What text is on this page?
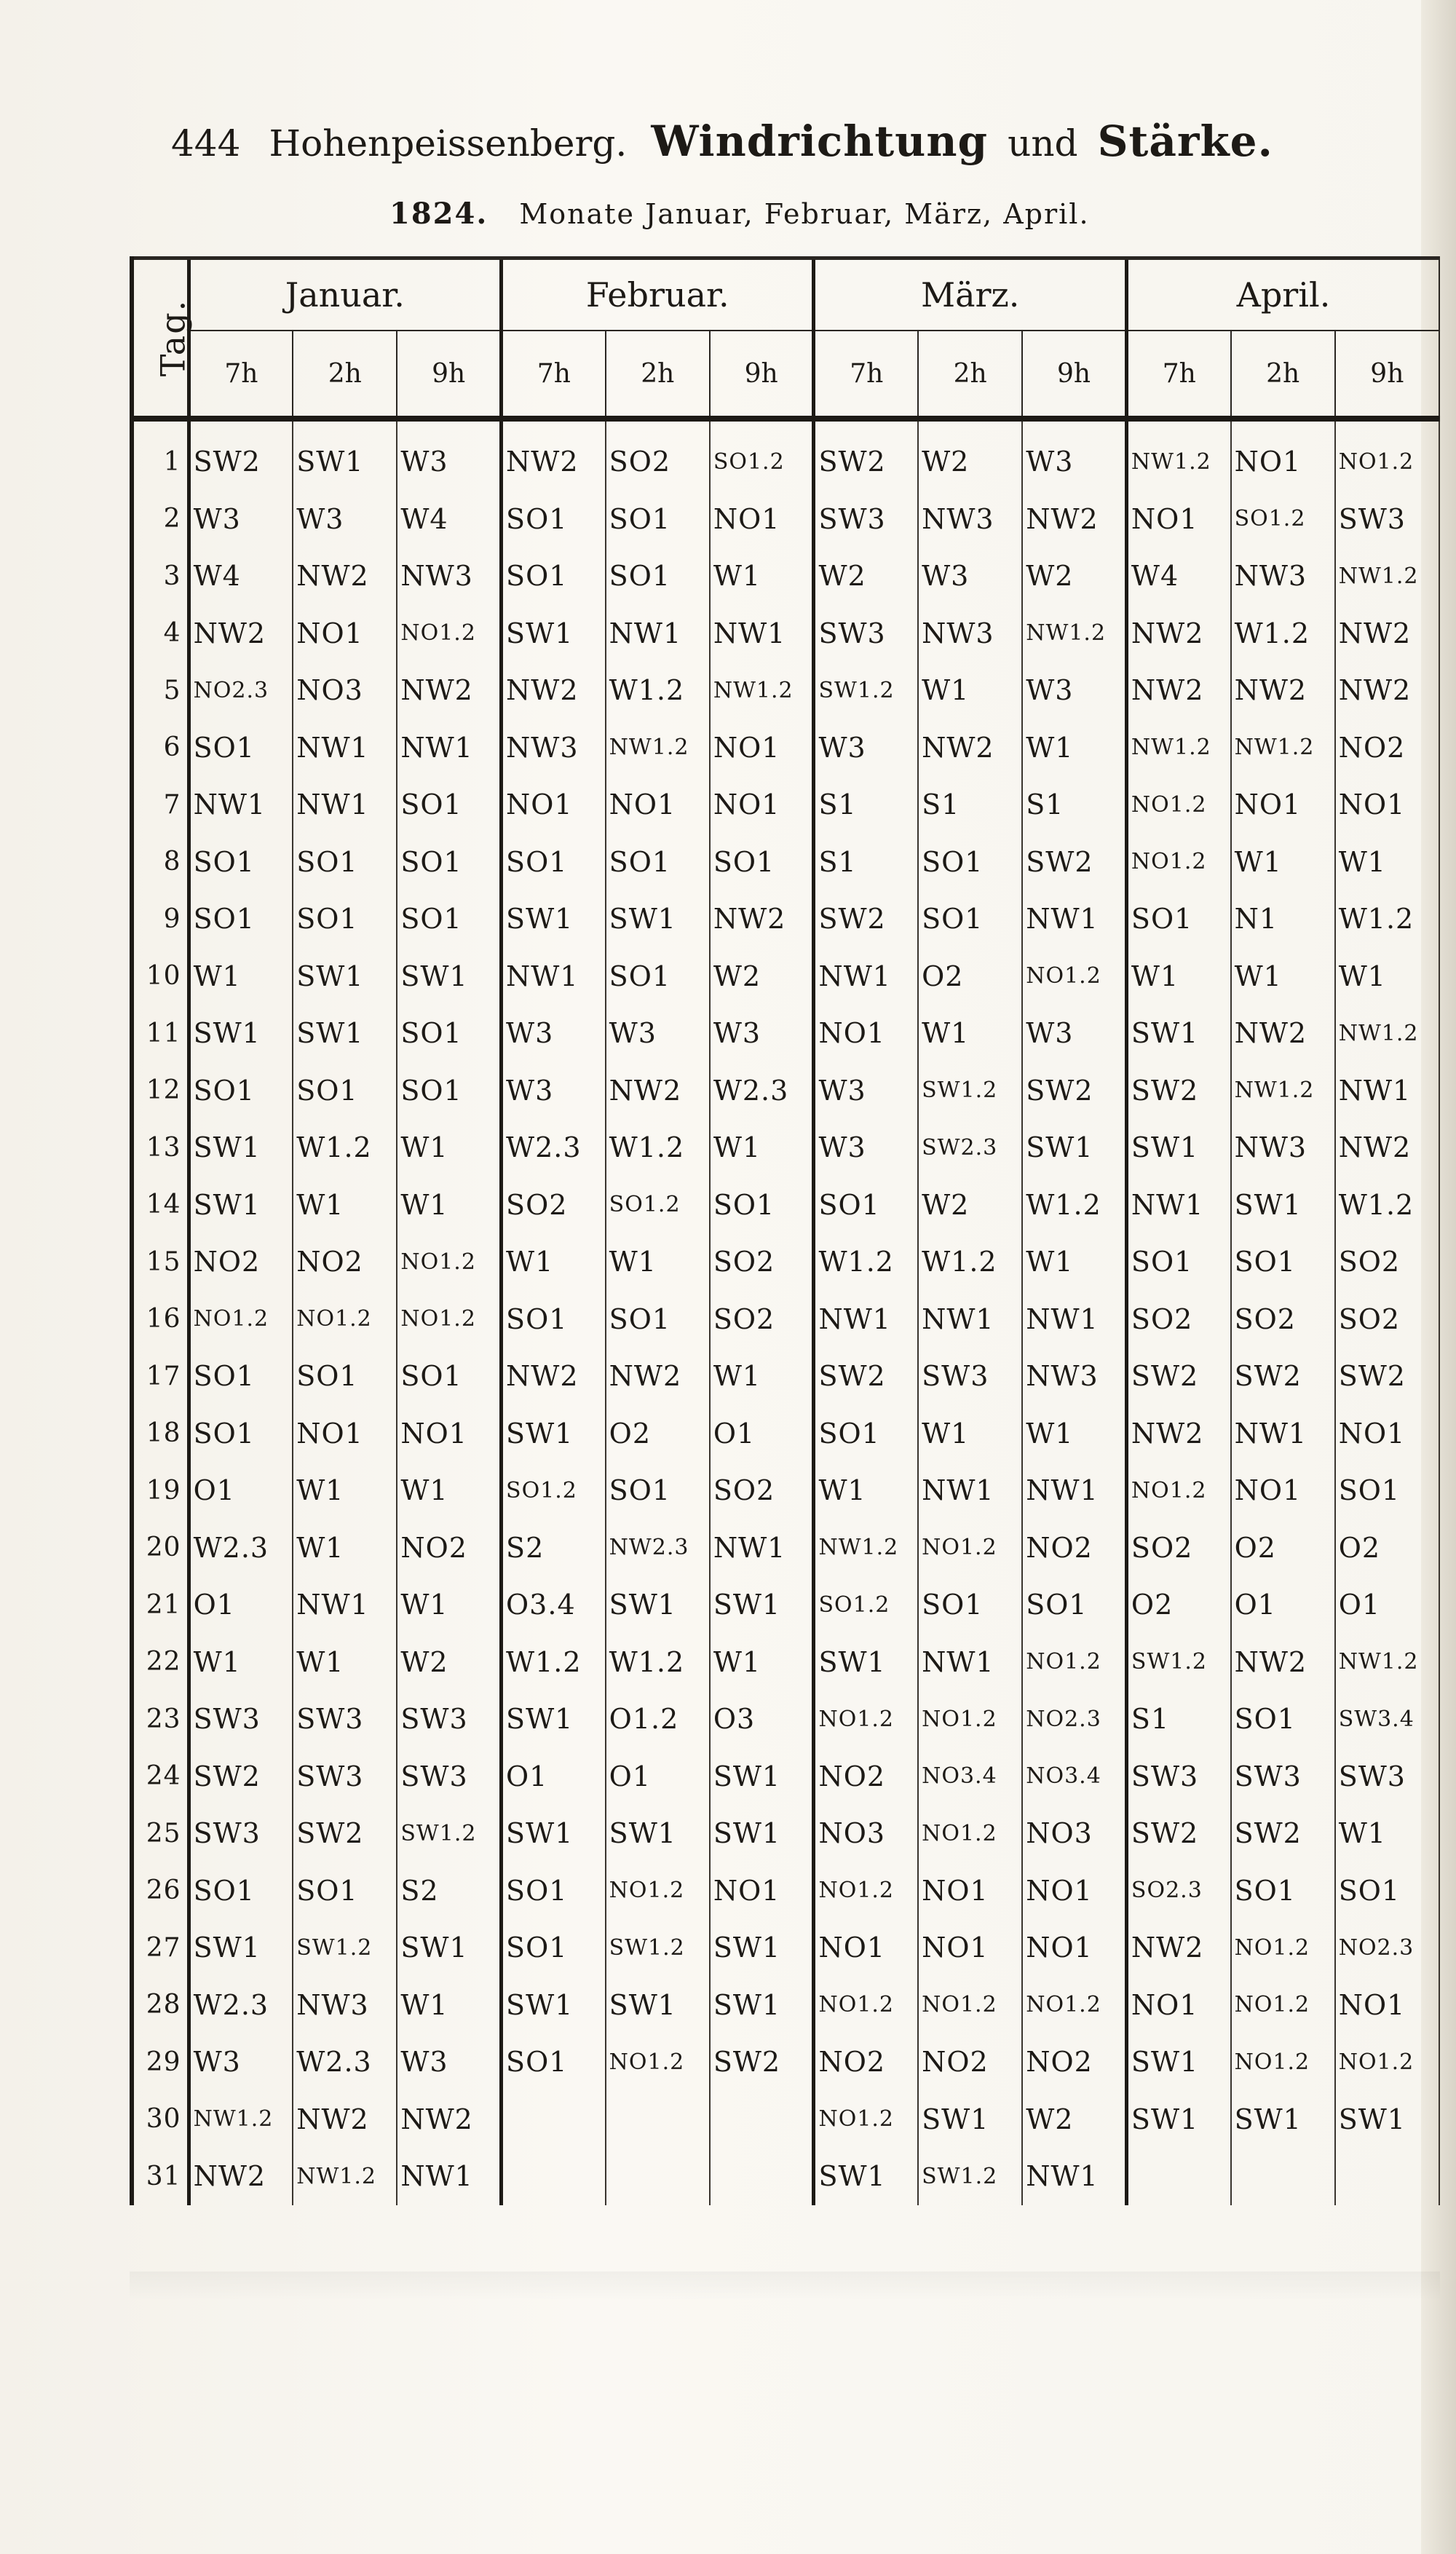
444 Hohenpeissenberg. Windrichtung und Stärke.
1824. Monate Januar, Februar, März, April.
Tag.	Januar.			Februar.			März.			April.		
	7h	2h	9h	7h	2h	9h	7h	2h	9h	7h	2h	9h
1	SW2	SW1	W3	NW2	SO2	SO1.2	SW2	W2	W3	NW1.2	NO1	NO1.2
2	W3	W3	W4	SO1	SO1	NO1	SW3	NW3	NW2	NO1	SO1.2	SW3
3	W4	NW2	NW3	SO1	SO1	W1	W2	W3	W2	W4	NW3	NW1.2
4	NW2	NO1	NO1.2	SW1	NW1	NW1	SW3	NW3	NW1.2	NW2	W1.2	NW2
5	NO2.3	NO3	NW2	NW2	W1.2	NW1.2	SW1.2	W1	W3	NW2	NW2	NW2
6	SO1	NW1	NW1	NW3	NW1.2	NO1	W3	NW2	W1	NW1.2	NW1.2	NO2
7	NW1	NW1	SO1	NO1	NO1	NO1	S1	S1	S1	NO1.2	NO1	NO1
8	SO1	SO1	SO1	SO1	SO1	SO1	S1	SO1	SW2	NO1.2	W1	W1
9	SO1	SO1	SO1	SW1	SW1	NW2	SW2	SO1	NW1	SO1	N1	W1.2
10	W1	SW1	SW1	NW1	SO1	W2	NW1	O2	NO1.2	W1	W1	W1
11	SW1	SW1	SO1	W3	W3	W3	NO1	W1	W3	SW1	NW2	NW1.2
12	SO1	SO1	SO1	W3	NW2	W2.3	W3	SW1.2	SW2	SW2	NW1.2	NW1
13	SW1	W1.2	W1	W2.3	W1.2	W1	W3	SW2.3	SW1	SW1	NW3	NW2
14	SW1	W1	W1	SO2	SO1.2	SO1	SO1	W2	W1.2	NW1	SW1	W1.2
15	NO2	NO2	NO1.2	W1	W1	SO2	W1.2	W1.2	W1	SO1	SO1	SO2
16	NO1.2	NO1.2	NO1.2	SO1	SO1	SO2	NW1	NW1	NW1	SO2	SO2	SO2
17	SO1	SO1	SO1	NW2	NW2	W1	SW2	SW3	NW3	SW2	SW2	SW2
18	SO1	NO1	NO1	SW1	O2	O1	SO1	W1	W1	NW2	NW1	NO1
19	O1	W1	W1	SO1.2	SO1	SO2	W1	NW1	NW1	NO1.2	NO1	SO1
20	W2.3	W1	NO2	S2	NW2.3	NW1	NW1.2	NO1.2	NO2	SO2	O2	O2
21	O1	NW1	W1	O3.4	SW1	SW1	SO1.2	SO1	SO1	O2	O1	O1
22	W1	W1	W2	W1.2	W1.2	W1	SW1	NW1	NO1.2	SW1.2	NW2	NW1.2
23	SW3	SW3	SW3	SW1	O1.2	O3	NO1.2	NO1.2	NO2.3	S1	SO1	SW3.4
24	SW2	SW3	SW3	O1	O1	SW1	NO2	NO3.4	NO3.4	SW3	SW3	SW3
25	SW3	SW2	SW1.2	SW1	SW1	SW1	NO3	NO1.2	NO3	SW2	SW2	W1
26	SO1	SO1	S2	SO1	NO1.2	NO1	NO1.2	NO1	NO1	SO2.3	SO1	SO1
27	SW1	SW1.2	SW1	SO1	SW1.2	SW1	NO1	NO1	NO1	NW2	NO1.2	NO2.3
28	W2.3	NW3	W1	SW1	SW1	SW1	NO1.2	NO1.2	NO1.2	NO1	NO1.2	NO1
29	W3	W2.3	W3	SO1	NO1.2	SW2	NO2	NO2	NO2	SW1	NO1.2	NO1.2
30	NW1.2	NW2	NW2				NO1.2	SW1	W2	SW1	SW1	SW1
31	NW2	NW1.2	NW1				SW1	SW1.2	NW1			
